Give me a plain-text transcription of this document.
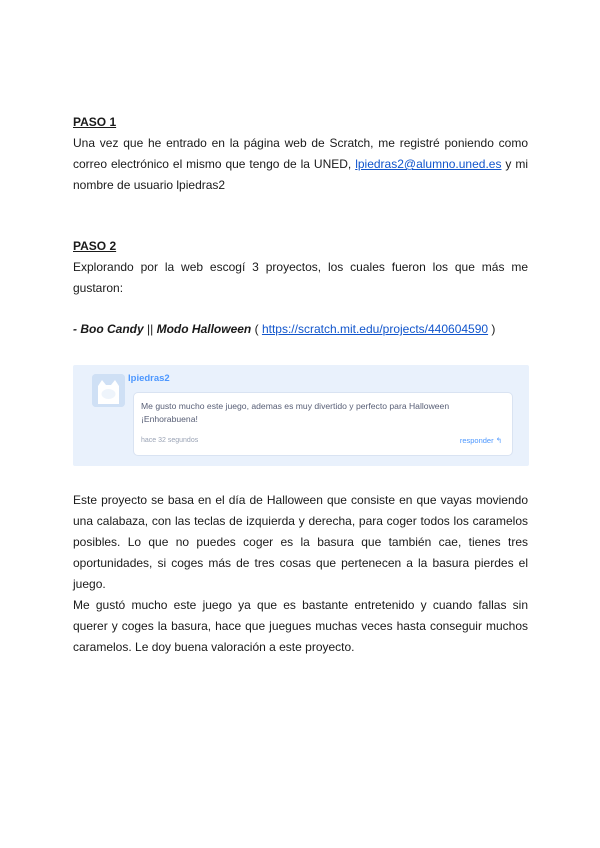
PASO 1

Una vez que he entrado en la página web de Scratch, me registré poniendo como correo electrónico el mismo que tengo de la UNED, lpiedras2@alumno.uned.es y mi nombre de usuario lpiedras2

PASO 2

Explorando por la web escogí 3 proyectos, los cuales fueron los que más me gustaron:

- Boo Candy || Modo Halloween ( https://scratch.mit.edu/projects/440604590 )

Este proyecto se basa en el día de Halloween que consiste en que vayas moviendo una calabaza, con las teclas de izquierda y derecha, para coger todos los caramelos posibles. Lo que no puedes coger es la basura que también cae, tienes tres oportunidades, si coges más de tres cosas que pertenecen a la basura pierdes el juego.

Me gustó mucho este juego ya que es bastante entretenido y cuando fallas sin querer y coges la basura, hace que juegues muchas veces hasta conseguir muchos caramelos. Le doy buena valoración a este proyecto.

lpiedras2
Me gusto mucho este juego, ademas es muy divertido y perfecto para Halloween ¡Enhorabuena!
hace 32 segundos	responder ↰
